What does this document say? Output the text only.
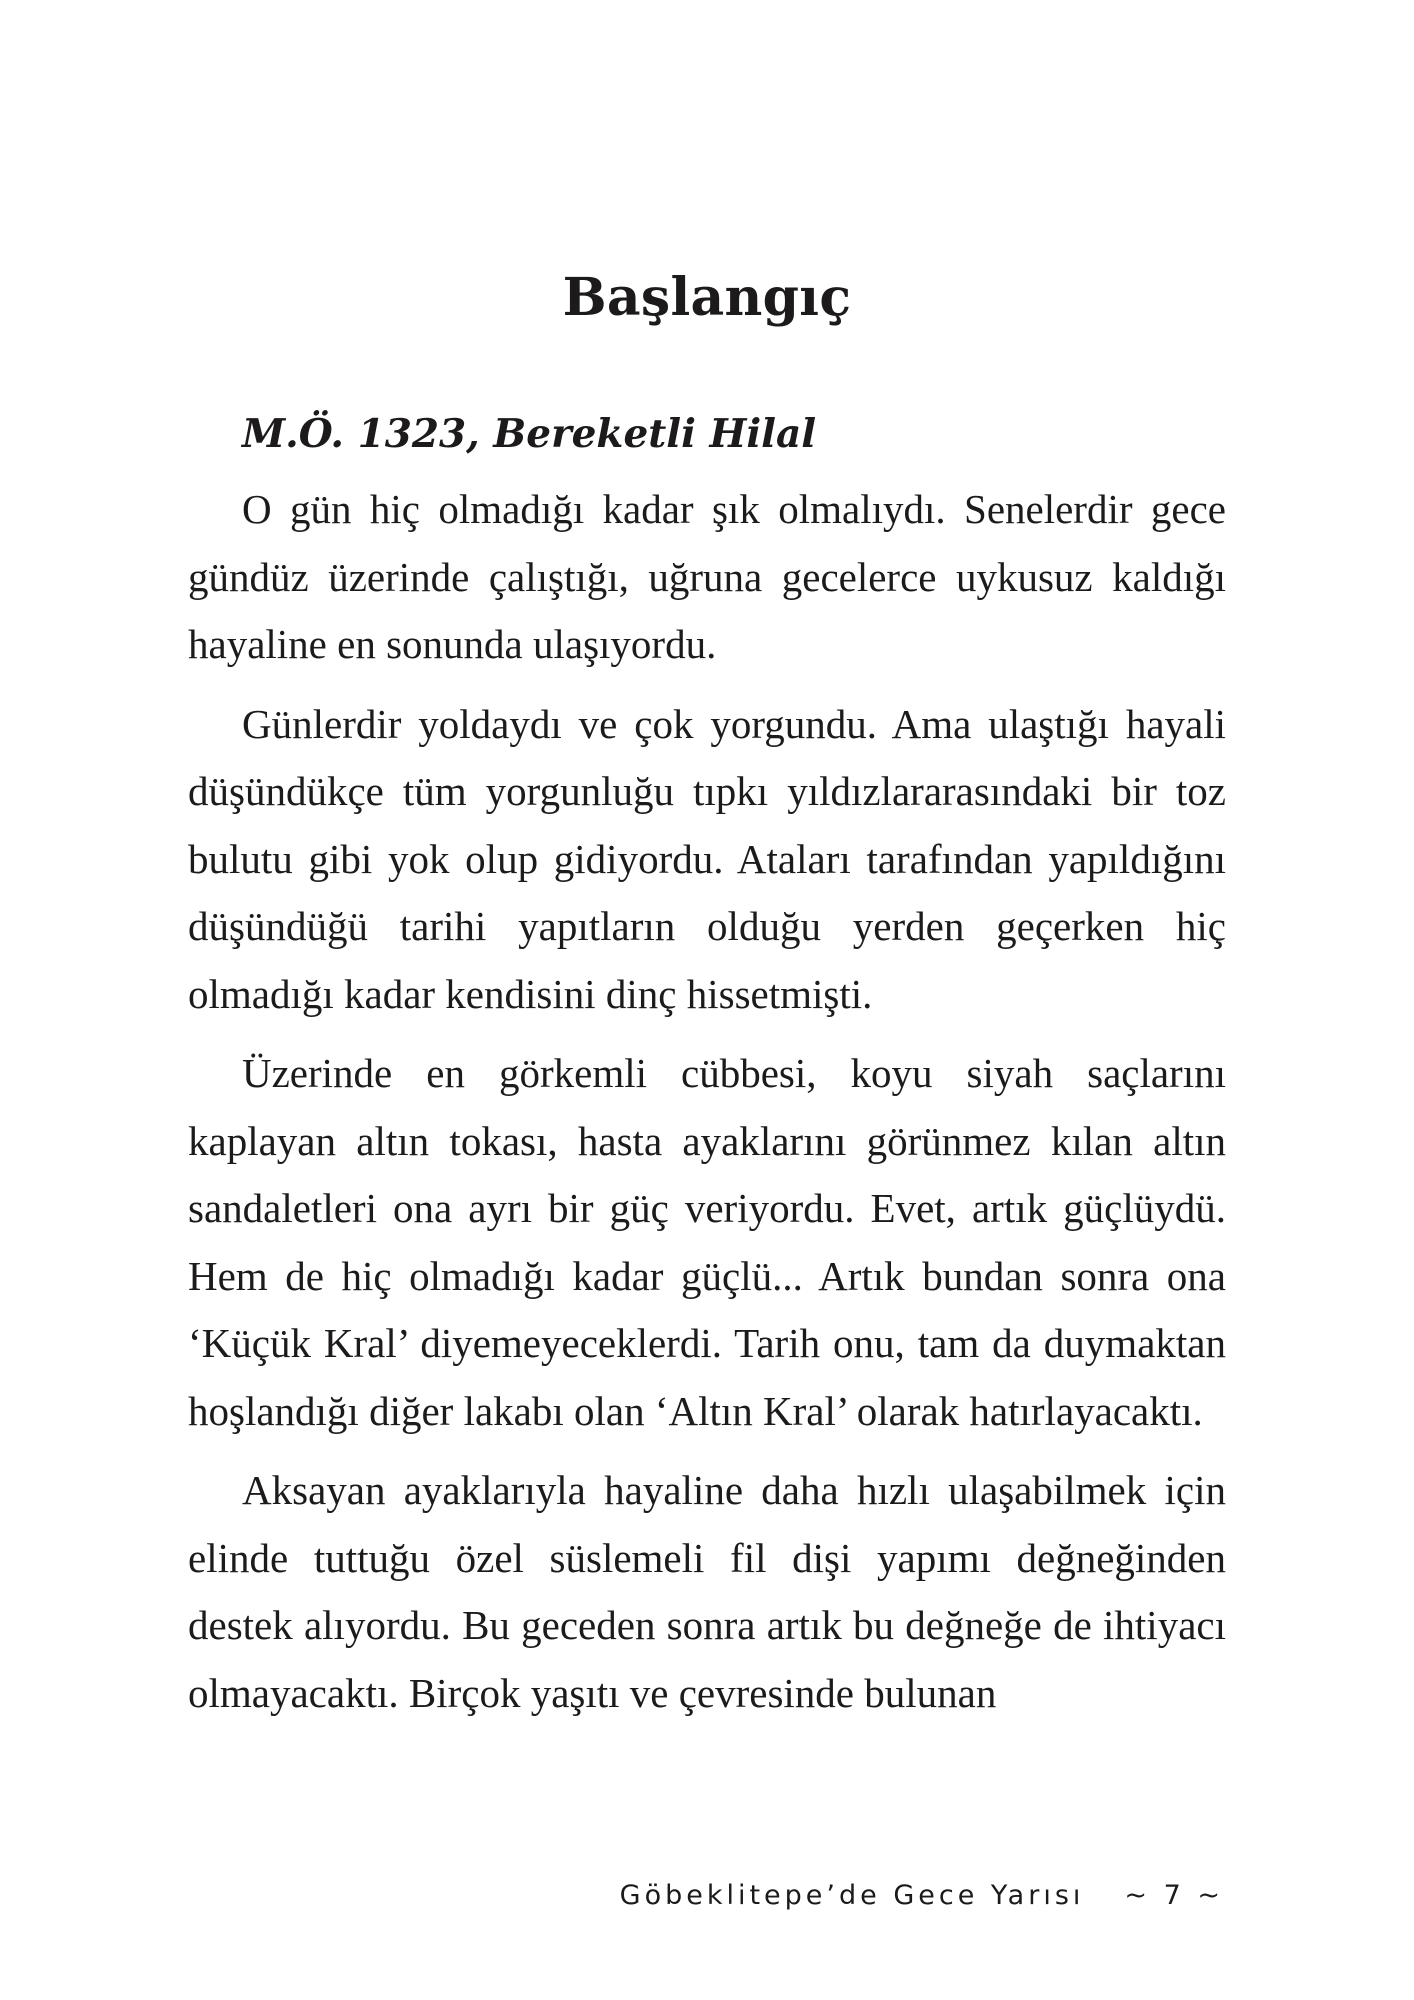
Başlangıç

M.Ö. 1323, Bereketli Hilal

O gün hiç olmadığı kadar şık olmalıydı. Senelerdir gece gündüz üzerinde çalıştığı, uğruna gecelerce uykusuz kaldığı hayaline en sonunda ulaşıyordu.

Günlerdir yoldaydı ve çok yorgundu. Ama ulaştığı hayali düşündükçe tüm yorgunluğu tıpkı yıldızlararasındaki bir toz bulutu gibi yok olup gidiyordu. Ataları tarafından yapıldığını düşündüğü tarihi yapıtların olduğu yerden geçerken hiç olmadığı kadar kendisini dinç hissetmişti.

Üzerinde en görkemli cübbesi, koyu siyah saçlarını kaplayan altın tokası, hasta ayaklarını görünmez kılan altın sandaletleri ona ayrı bir güç veriyordu. Evet, artık güçlüydü. Hem de hiç olmadığı kadar güçlü... Artık bundan sonra ona ‘Küçük Kral’ diyemeyeceklerdi. Tarih onu, tam da duymaktan hoşlandığı diğer lakabı olan ‘Altın Kral’ olarak hatırlayacaktı.

Aksayan ayaklarıyla hayaline daha hızlı ulaşabilmek için elinde tuttuğu özel süslemeli fil dişi yapımı değneğinden destek alıyordu. Bu geceden sonra artık bu değneğe de ihtiyacı olmayacaktı. Birçok yaşıtı ve çevresinde bulunan

Göbeklitepe’de Gece Yarısı ~ 7 ~
